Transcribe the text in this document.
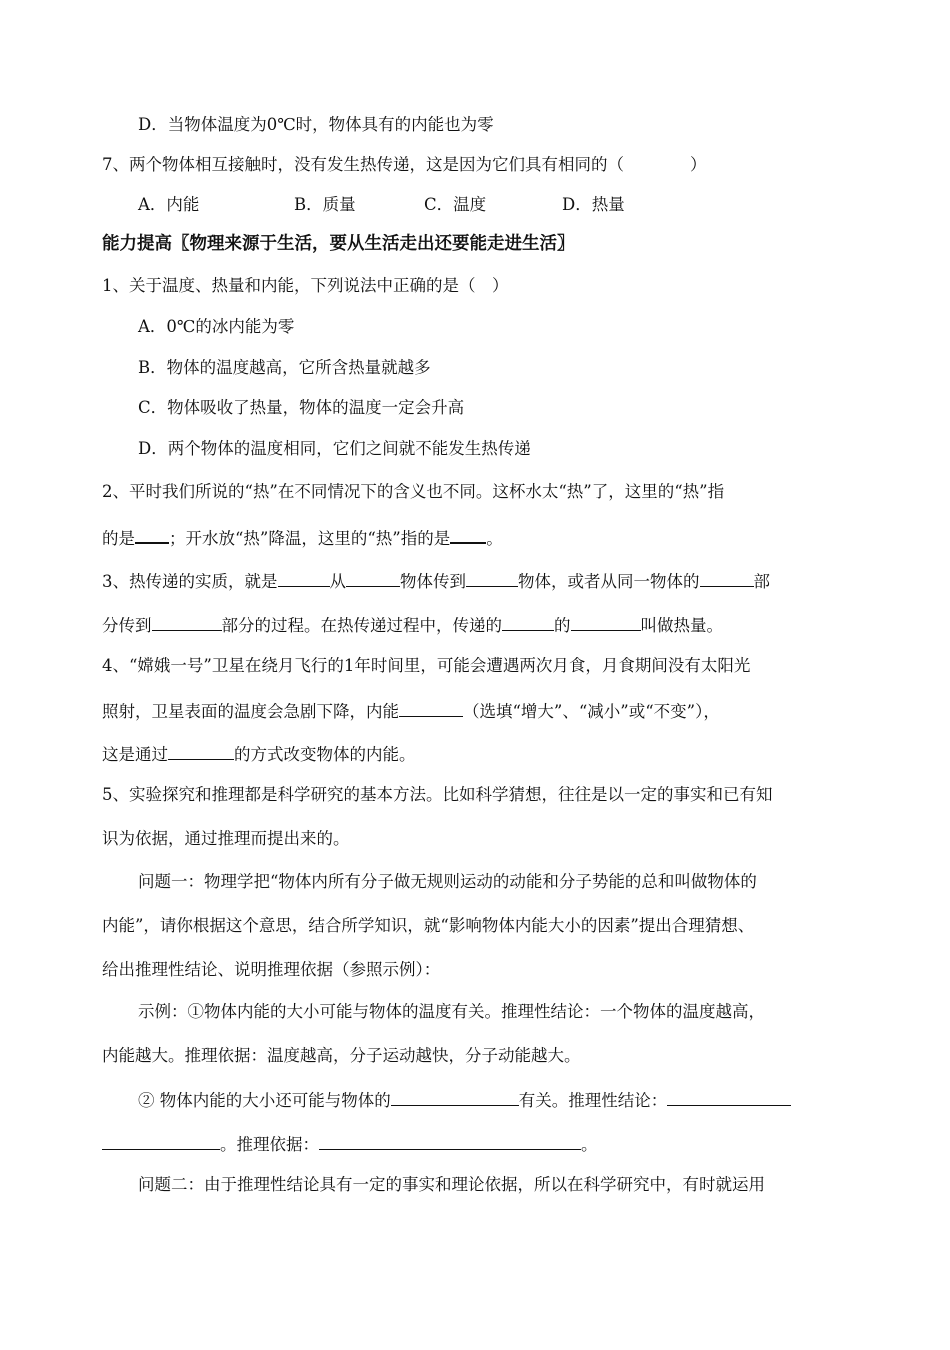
D．当物体温度为0℃时，物体具有的内能也为零
7、两个物体相互接触时，没有发生热传递，这是因为它们具有相同的（　　　　）
A．内能	B．质量	C．温度	D．热量
能力提高〖物理来源于生活，要从生活走出还要能走进生活〗
1、关于温度、热量和内能，下列说法中正确的是（　）
A．0℃的冰内能为零
B．物体的温度越高，它所含热量就越多
C．物体吸收了热量，物体的温度一定会升高
D．两个物体的温度相同，它们之间就不能发生热传递
2、平时我们所说的“热”在不同情况下的含义也不同。这杯水太“热”了，这里的“热”指
的是 ；开水放“热”降温，这里的“热”指的是 。
3、热传递的实质，就是	从	物体传到	物体，或者从同一物体的	部
分传到	部分的过程。在热传递过程中，传递的	的	叫做热量。
4、“嫦娥一号”卫星在绕月飞行的1年时间里，可能会遭遇两次月食，月食期间没有太阳光
照射，卫星表面的温度会急剧下降，内能	（选填“增大”、“减小”或“不变”），
这是通过	的方式改变物体的内能。
5、实验探究和推理都是科学研究的基本方法。比如科学猜想，往往是以一定的事实和已有知
识为依据，通过推理而提出来的。
问题一：物理学把“物体内所有分子做无规则运动的动能和分子势能的总和叫做物体的
内能”，请你根据这个意思，结合所学知识，就“影响物体内能大小的因素”提出合理猜想、
给出推理性结论、说明推理依据（参照示例）：
示例：①物体内能的大小可能与物体的温度有关。推理性结论：一个物体的温度越高，
内能越大。推理依据：温度越高，分子运动越快，分子动能越大。
② 物体内能的大小还可能与物体的	有关。推理性结论：
。推理依据：	。
问题二：由于推理性结论具有一定的事实和理论依据，所以在科学研究中，有时就运用
